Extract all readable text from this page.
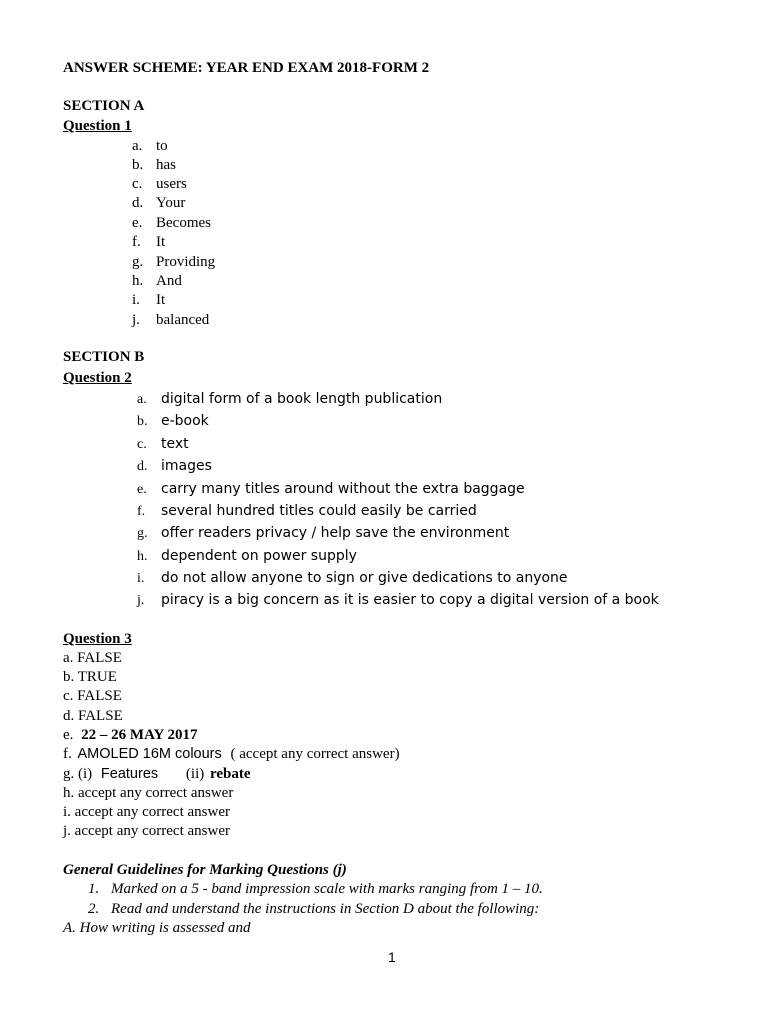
ANSWER SCHEME: YEAR END EXAM 2018-FORM 2
SECTION A
Question 1
a. to
b. has
c. users
d. Your
e. Becomes
f. It
g. Providing
h. And
i. It
j. balanced
SECTION B
Question 2
a. digital form of a book length publication
b. e-book
c. text
d. images
e. carry many titles around without the extra baggage
f. several hundred titles could easily be carried
g. offer readers privacy / help save the environment
h. dependent on power supply
i. do not allow anyone to sign or give dedications to anyone
j. piracy is a big concern as it is easier to copy a digital version of a book
Question 3
a. FALSE
b. TRUE
c. FALSE
d. FALSE
e. 22 – 26 MAY 2017
f. AMOLED 16M colours ( accept any correct answer)
g. (i) Features (ii) rebate
h. accept any correct answer
i. accept any correct answer
j. accept any correct answer
General Guidelines for Marking Questions (j)
1. Marked on a 5 - band impression scale with marks ranging from 1 – 10.
2. Read and understand the instructions in Section D about the following:
A. How writing is assessed and
1
